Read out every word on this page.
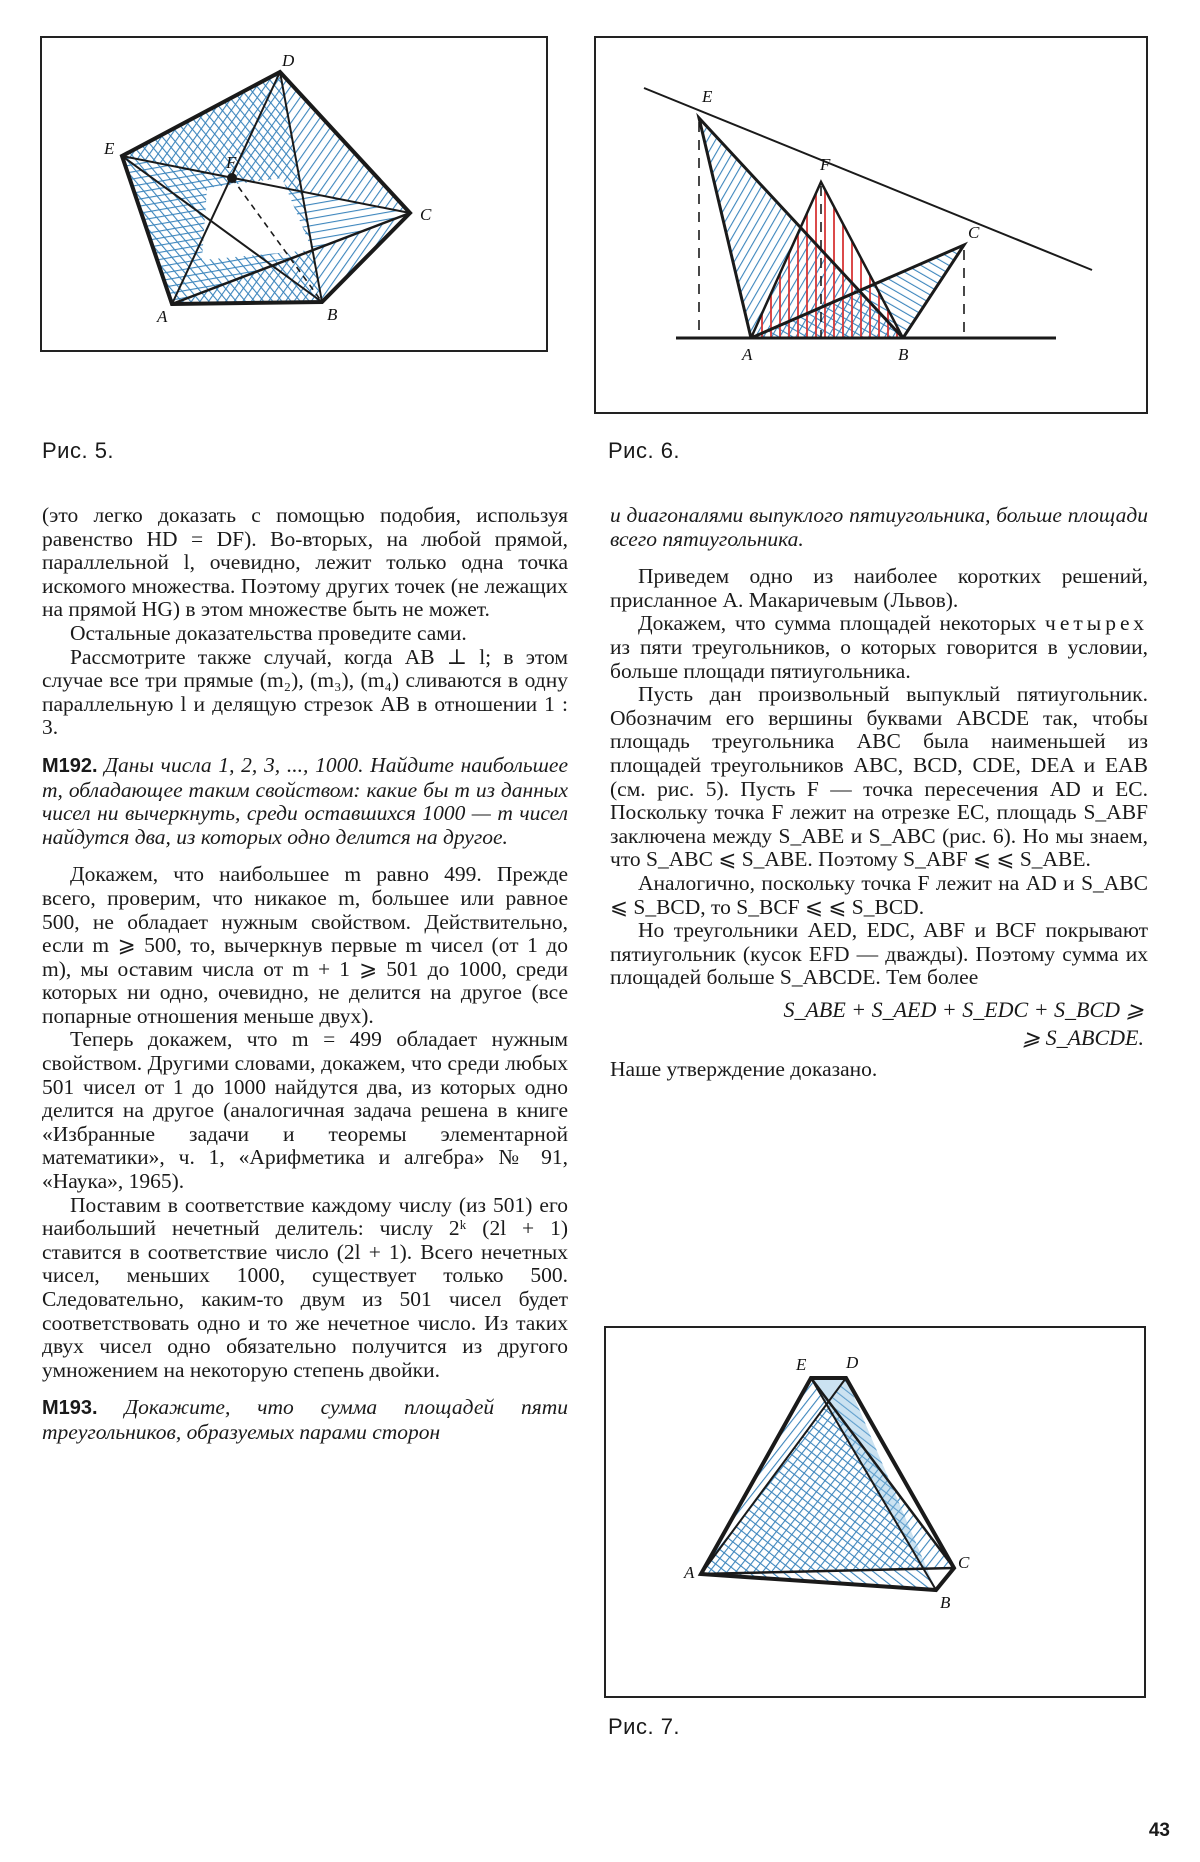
A	B
C
D
E
F
Рис. 5.
A	B
C
E
F
Рис. 6.

(это легко доказать с помощью подобия, используя равенство HD = DF). Во-вторых, на любой прямой, параллельной l, очевидно, лежит только одна точка искомого множества. Поэтому других точек (не лежащих на прямой HG) в этом множестве быть не может.

Остальные доказательства проведите сами.

Рассмотрите также случай, когда AB ⊥ l; в этом случае все три прямые (m₂), (m₃), (m₄) сливаются в одну параллельную l и делящую стрезок AB в отношении 1 : 3.

М192. Даны числа 1, 2, 3, ..., 1000. Найдите наибольшее m, обладающее таким свойством: какие бы m из данных чисел ни вычеркнуть, среди оставшихся 1000 — m чисел найдутся два, из которых одно делится на другое.

Докажем, что наибольшее m равно 499. Прежде всего, проверим, что никакое m, большее или равное 500, не обладает нужным свойством. Действительно, если m ⩾ 500, то, вычеркнув первые m чисел (от 1 до m), мы оставим числа от m + 1 ⩾ 501 до 1000, среди которых ни одно, очевидно, не делится на другое (все попарные отношения меньше двух).

Теперь докажем, что m = 499 обладает нужным свойством. Другими словами, докажем, что среди любых 501 чисел от 1 до 1000 найдутся два, из которых одно делится на другое (аналогичная задача решена в книге «Избранные задачи и теоремы элементарной математики», ч. 1, «Арифметика и алгебра» № 91, «Наука», 1965).

Поставим в соответствие каждому числу (из 501) его наибольший нечетный делитель: числу 2ᵏ (2l + 1) ставится в соответствие число (2l + 1). Всего нечетных чисел, меньших 1000, существует только 500. Следовательно, каким-то двум из 501 чисел будет соответствовать одно и то же нечетное число. Из таких двух чисел одно обязательно получится из другого умножением на некоторую степень двойки.

М193. Докажите, что сумма площадей пяти треугольников, образуемых парами сторон

и диагоналями выпуклого пятиугольника, больше площади всего пятиугольника.

Приведем одно из наиболее коротких решений, присланное А. Макаричевым (Львов).

Докажем, что сумма площадей некоторых четырех из пяти треугольников, о которых говорится в условии, больше площади пятиугольника.

Пусть дан произвольный выпуклый пятиугольник. Обозначим его вершины буквами ABCDE так, чтобы площадь треугольника ABC была наименьшей из площадей треугольников ABC, BCD, CDE, DEA и EAB (см. рис. 5). Пусть F — точка пересечения AD и EC. Поскольку точка F лежит на отрезке EC, площадь S_ABF заключена между S_ABE и S_ABC (рис. 6). Но мы знаем, что S_ABC ⩽ S_ABE. Поэтому S_ABF ⩽ ⩽ S_ABE.

Аналогично, поскольку точка F лежит на AD и S_ABC ⩽ S_BCD, то S_BCF ⩽ ⩽ S_BCD.

Но треугольники AED, EDC, ABF и BCF покрывают пятиугольник (кусок EFD — дважды). Поэтому сумма их площадей больше S_ABCDE. Тем более

S_ABE + S_AED + S_EDC + S_BCD ⩾
⩾ S_ABCDE.

Наше утверждение доказано.

A
B
C
D
E
Рис. 7.
43
